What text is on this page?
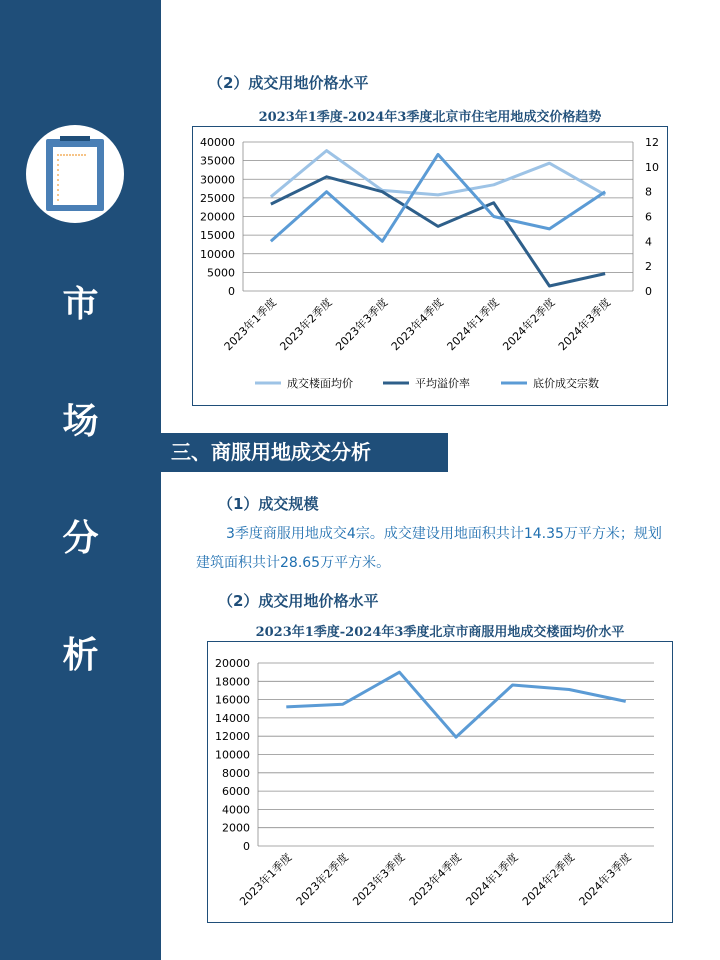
市
场
分
析
（2）成交用地价格水平
2023年1季度-2024年3季度北京市住宅用地成交价格趋势
40000
35000
30000
25000
20000
15000
10000
5000
0
12
10
8
6
4
2
0
2023年1季度
2023年2季度
2023年3季度
2023年4季度
2024年1季度
2024年2季度
2024年3季度
成交楼面均价	平均溢价率	底价成交宗数
三、商服用地成交分析
（1）成交规模
3季度商服用地成交4宗。成交建设用地面积共计14.35万平方米；规划建筑面积共计28.65万平方米。
（2）成交用地价格水平
2023年1季度-2024年3季度北京市商服用地成交楼面均价水平
20000
18000
16000
14000
12000
10000
8000
6000
4000
2000
0
2023年1季度 2023年2季度 2023年3季度 2023年4季度 2024年1季度 2024年2季度 2024年3季度
